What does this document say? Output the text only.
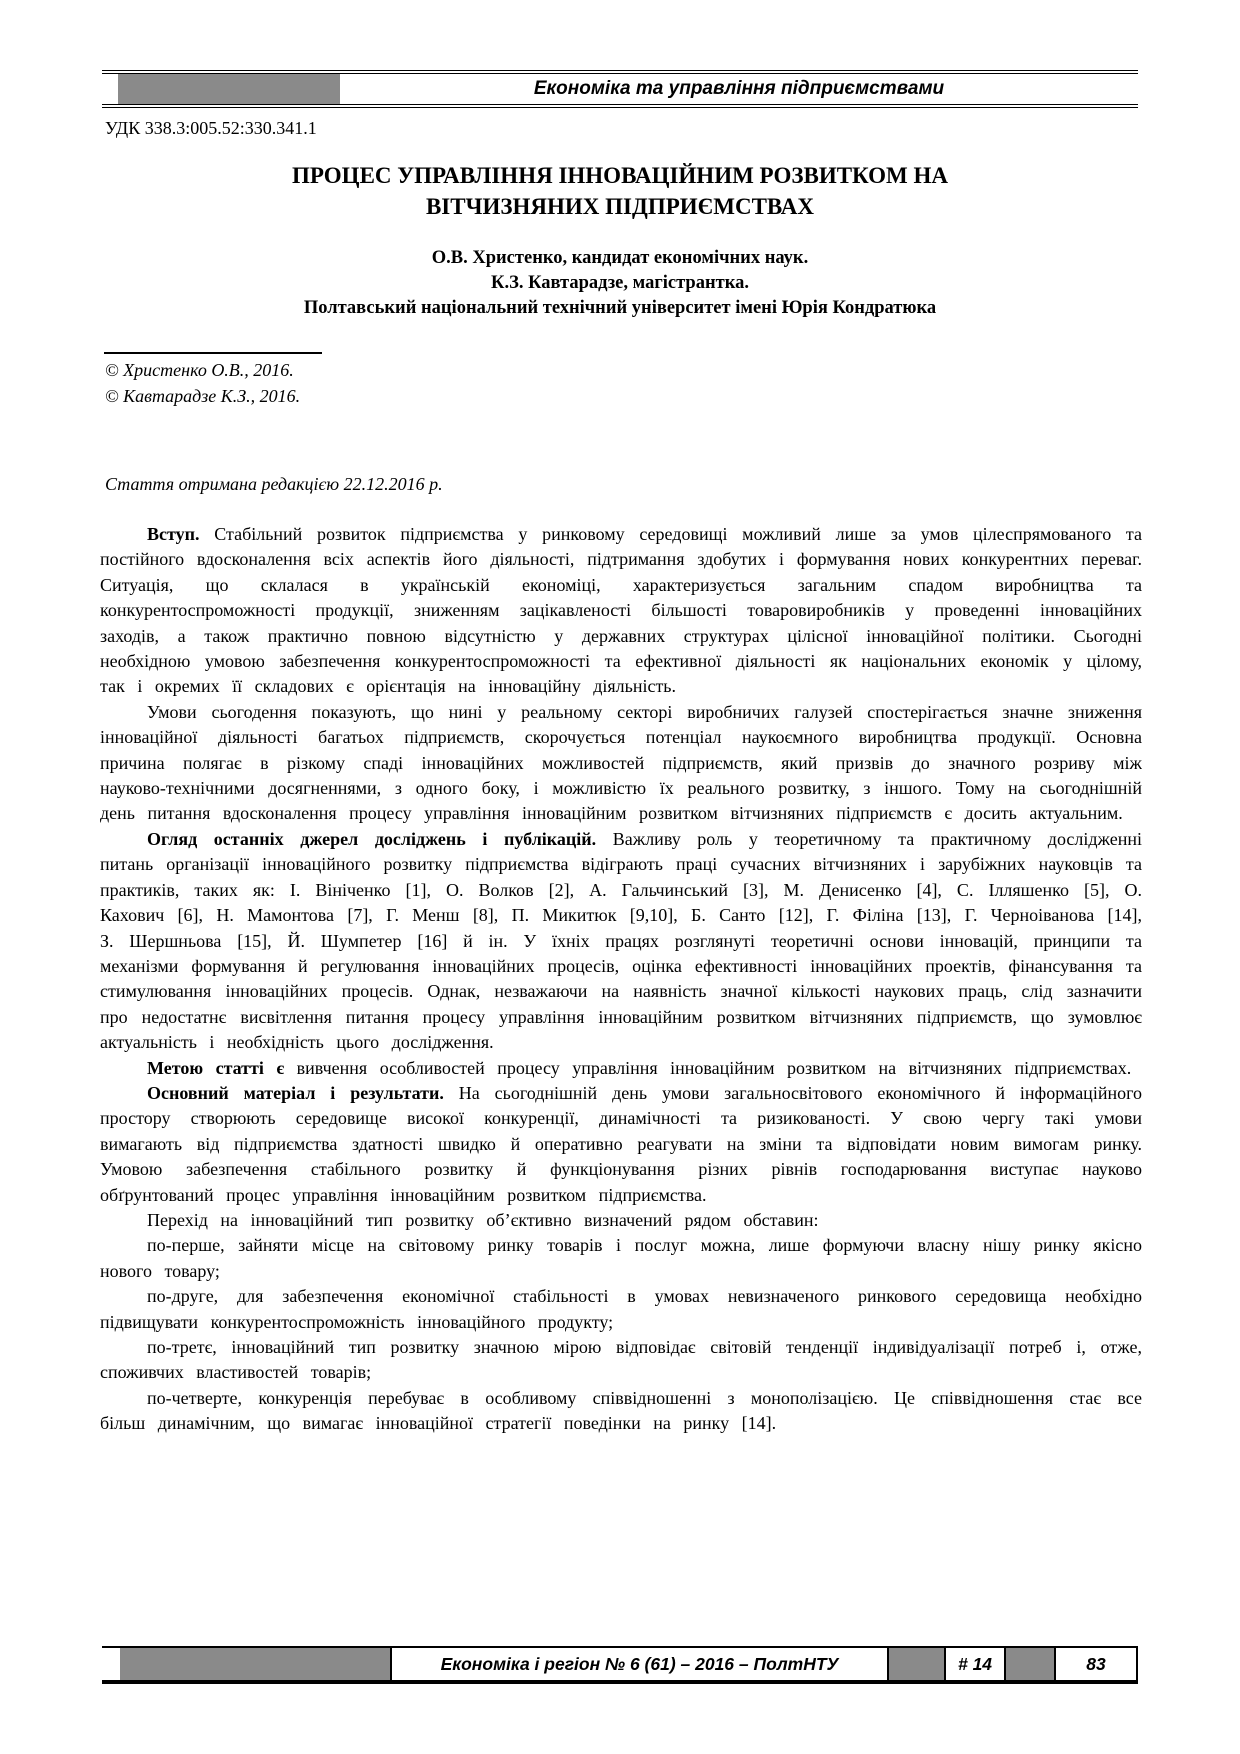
Економіка та управління підприємствами
УДК 338.3:005.52:330.341.1
ПРОЦЕС УПРАВЛІННЯ ІННОВАЦІЙНИМ РОЗВИТКОМ НА
ВІТЧИЗНЯНИХ ПІДПРИЄМСТВАХ
О.В. Христенко, кандидат економічних наук.
К.З. Кавтарадзе, магістрантка.
Полтавський національний технічний університет імені Юрія Кондратюка
© Христенко О.В., 2016.
© Кавтарадзе К.З., 2016.
Стаття отримана редакцією 22.12.2016 р.

Вступ. Стабільний розвиток підприємства у ринковому середовищі можливий лише за умов цілеспрямованого та постійного вдосконалення всіх аспектів його діяльності, підтримання здобутих і формування нових конкурентних переваг. Ситуація, що склалася в українській економіці, характеризується загальним спадом виробництва та конкурентоспроможності продукції, зниженням зацікавленості більшості товаровиробників у проведенні інноваційних заходів, а також практично повною відсутністю у державних структурах цілісної інноваційної політики. Сьогодні необхідною умовою забезпечення конкурентоспроможності та ефективної діяльності як національних економік у цілому, так і окремих її складових є орієнтація на інноваційну діяльність.

Умови сьогодення показують, що нині у реальному секторі виробничих галузей спостерігається значне зниження інноваційної діяльності багатьох підприємств, скорочується потенціал наукоємного виробництва продукції. Основна причина полягає в різкому спаді інноваційних можливостей підприємств, який призвів до значного розриву між науково-технічними досягненнями, з одного боку, і можливістю їх реального розвитку, з іншого. Тому на сьогоднішній день питання вдосконалення процесу управління інноваційним розвитком вітчизняних підприємств є досить актуальним.

Огляд останніх джерел досліджень і публікацій. Важливу роль у теоретичному та практичному дослідженні питань організації інноваційного розвитку підприємства відіграють праці сучасних вітчизняних і зарубіжних науковців та практиків, таких як: І. Вініченко [1], О. Волков [2], А. Гальчинський [3], М. Денисенко [4], С. Ілляшенко [5], О. Кахович [6], Н. Мамонтова [7], Г. Менш [8], П. Микитюк [9,10], Б. Санто [12], Г. Філіна [13], Г. Черноіванова [14], З. Шершньова [15], Й. Шумпетер [16] й ін. У їхніх працях розглянуті теоретичні основи інновацій, принципи та механізми формування й регулювання інноваційних процесів, оцінка ефективності інноваційних проектів, фінансування та стимулювання інноваційних процесів. Однак, незважаючи на наявність значної кількості наукових праць, слід зазначити про недостатнє висвітлення питання процесу управління інноваційним розвитком вітчизняних підприємств, що зумовлює актуальність і необхідність цього дослідження.

Метою статті є вивчення особливостей процесу управління інноваційним розвитком на вітчизняних підприємствах.

Основний матеріал і результати. На сьогоднішній день умови загальносвітового економічного й інформаційного простору створюють середовище високої конкуренції, динамічності та ризикованості. У свою чергу такі умови вимагають від підприємства здатності швидко й оперативно реагувати на зміни та відповідати новим вимогам ринку. Умовою забезпечення стабільного розвитку й функціонування різних рівнів господарювання виступає науково обґрунтований процес управління інноваційним розвитком підприємства.

Перехід на інноваційний тип розвитку об’єктивно визначений рядом обставин:

по-перше, зайняти місце на світовому ринку товарів і послуг можна, лише формуючи власну нішу ринку якісно нового товару;

по-друге, для забезпечення економічної стабільності в умовах невизначеного ринкового середовища необхідно підвищувати конкурентоспроможність інноваційного продукту;

по-третє, інноваційний тип розвитку значною мірою відповідає світовій тенденції індивідуалізації потреб і, отже, споживчих властивостей товарів;

по-четверте, конкуренція перебуває в особливому співвідношенні з монополізацією. Це співвідношення стає все більш динамічним, що вимагає інноваційної стратегії поведінки на ринку [14].

Економіка і регіон № 6 (61) – 2016 – ПолтНТУ	# 14	83
